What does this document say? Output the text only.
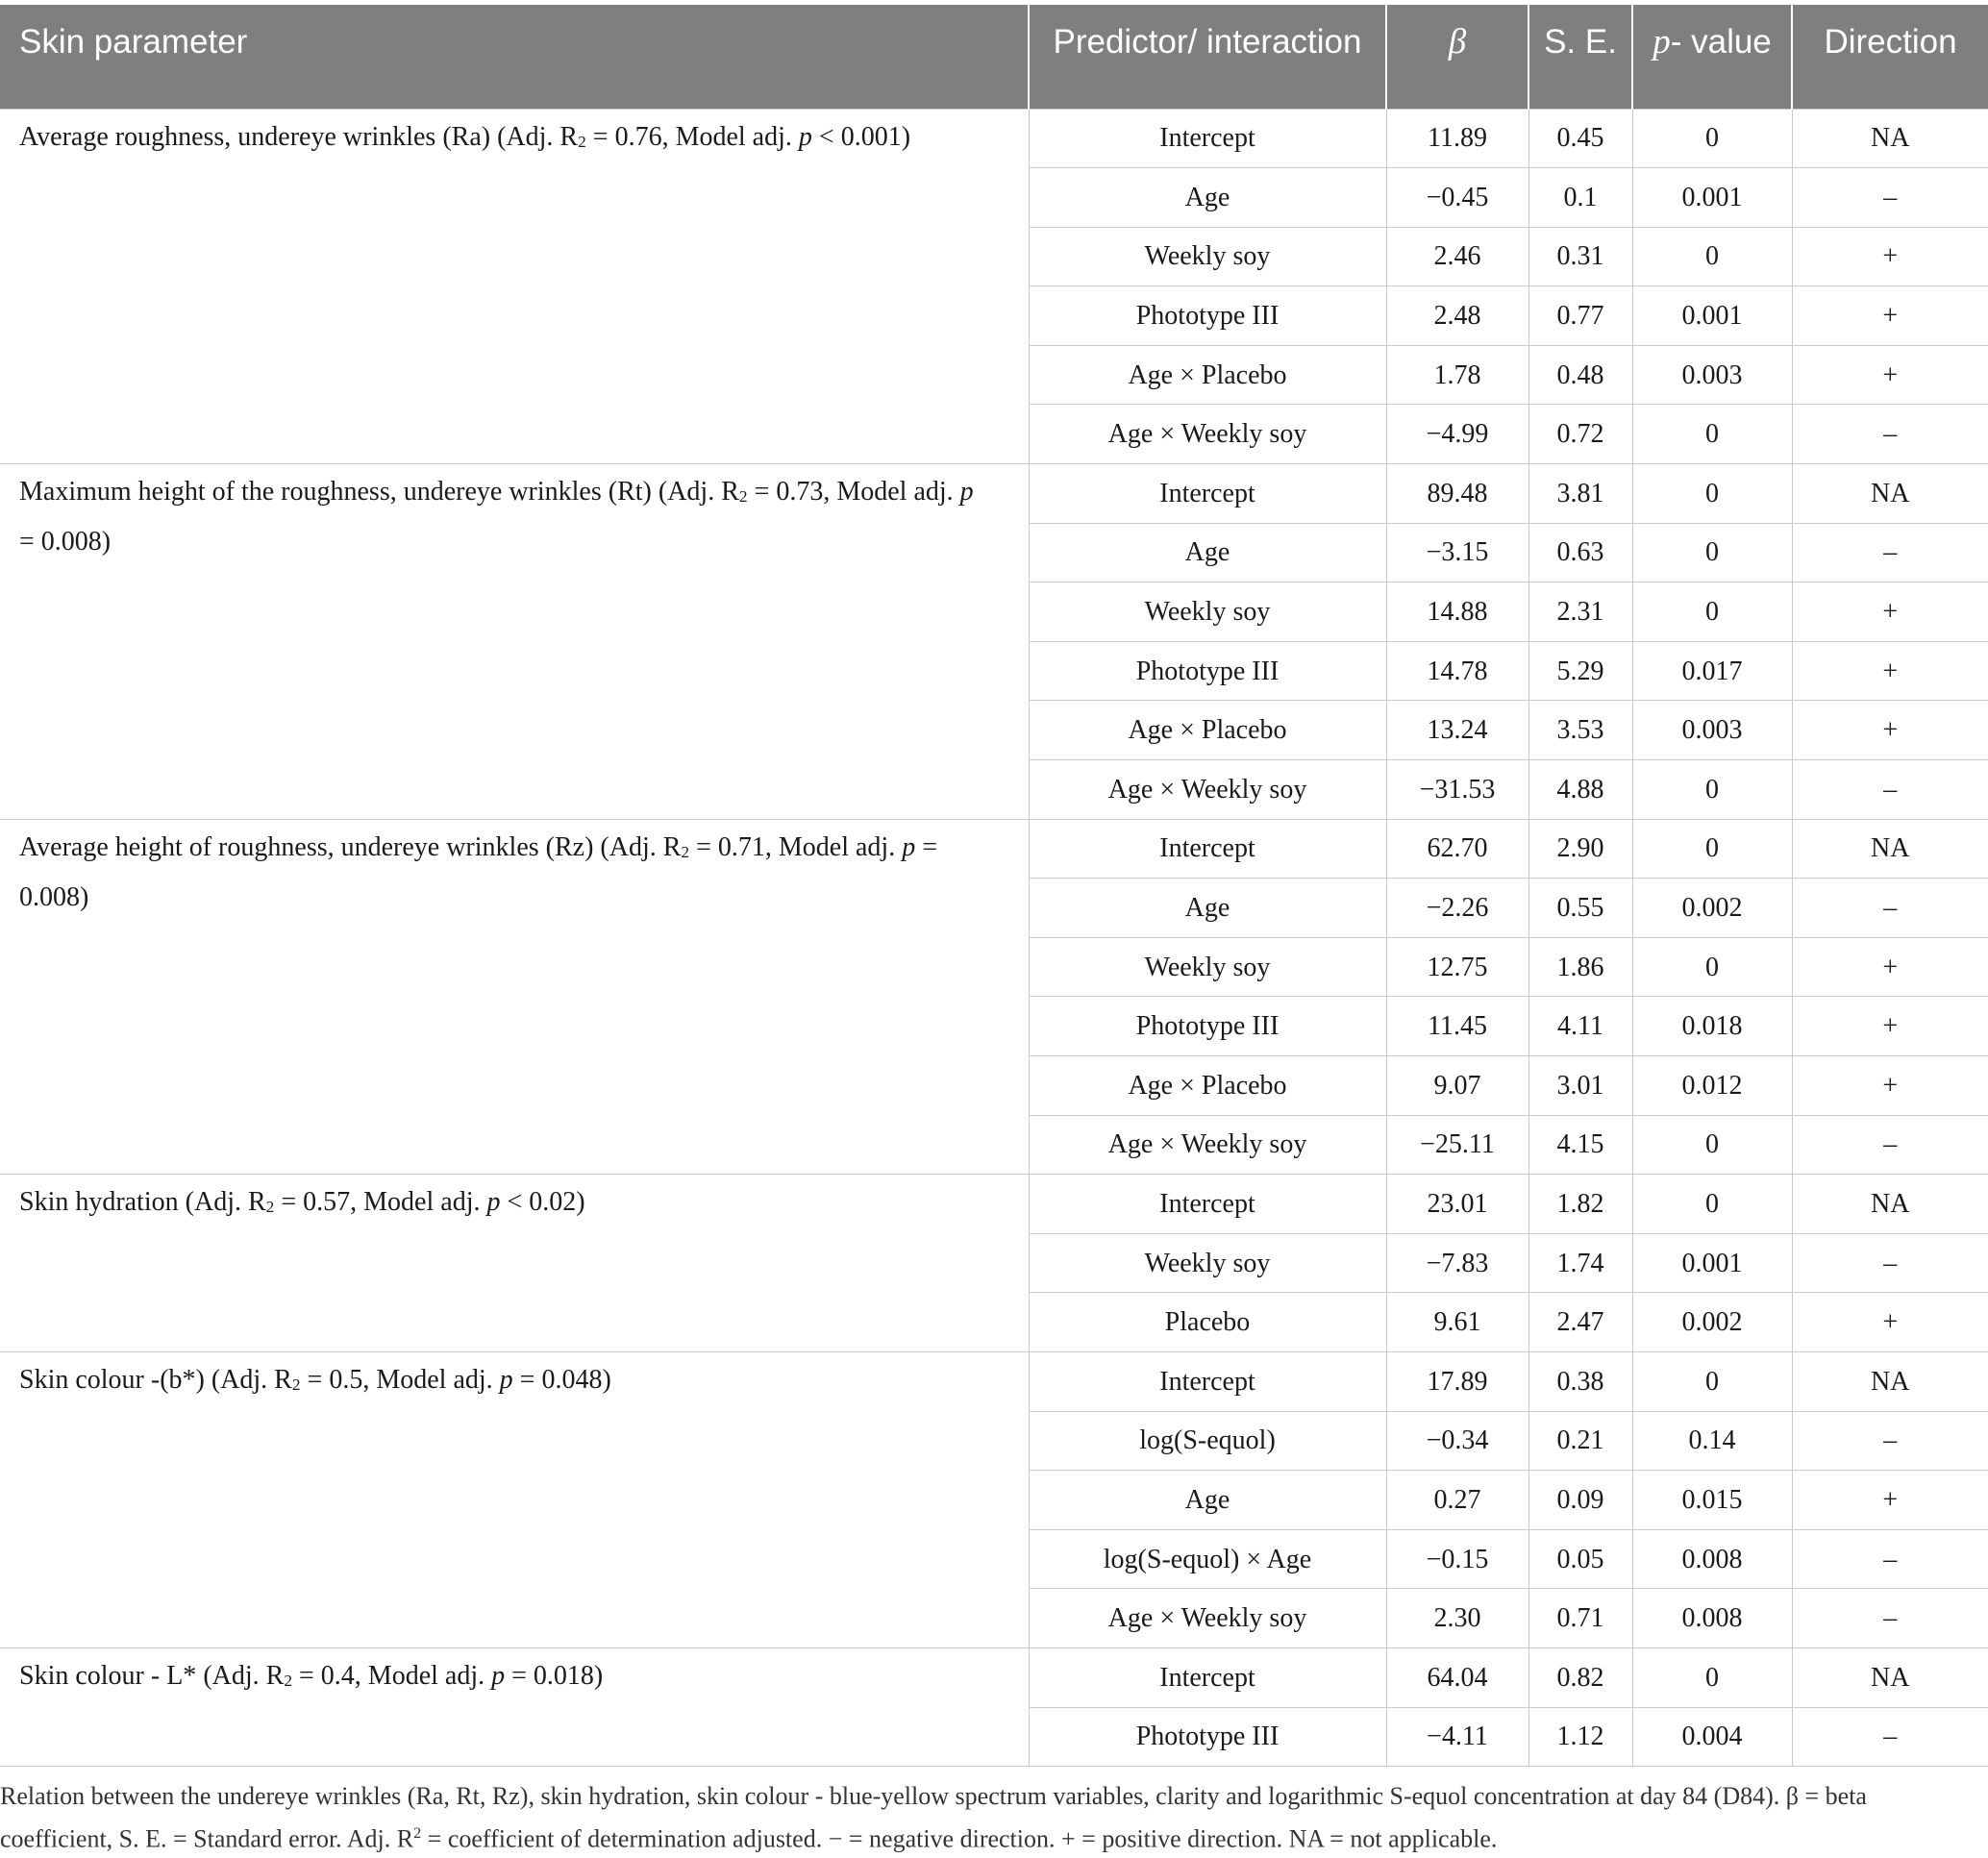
Skin parameter	Predictor/ interaction	β	S. E.	p- value	Direction
Average roughness, undereye wrinkles (Ra) (Adj. $R_2 = 0.76$, Model adj. p < 0.001)	Intercept	11.89	0.45	0	NA
	Age	−0.45	0.1	0.001	–
	Weekly soy	2.46	0.31	0	+
	Phototype III	2.48	0.77	0.001	+
	Age × Placebo	1.78	0.48	0.003	+
	Age × Weekly soy	−4.99	0.72	0	–
Maximum height of the roughness, undereye wrinkles (Rt) (Adj. $R_2 = 0.73$, Model adj. p = 0.008)	Intercept	89.48	3.81	0	NA
	Age	−3.15	0.63	0	–
	Weekly soy	14.88	2.31	0	+
	Phototype III	14.78	5.29	0.017	+
	Age × Placebo	13.24	3.53	0.003	+
	Age × Weekly soy	−31.53	4.88	0	–
Average height of roughness, undereye wrinkles (Rz) (Adj. $R_2 = 0.71$, Model adj. p = 0.008)	Intercept	62.70	2.90	0	NA
	Age	−2.26	0.55	0.002	–
	Weekly soy	12.75	1.86	0	+
	Phototype III	11.45	4.11	0.018	+
	Age × Placebo	9.07	3.01	0.012	+
	Age × Weekly soy	−25.11	4.15	0	–
Skin hydration (Adj. $R_2 = 0.57$, Model adj. p < 0.02)	Intercept	23.01	1.82	0	NA
	Weekly soy	−7.83	1.74	0.001	–
	Placebo	9.61	2.47	0.002	+
Skin colour -(b*) (Adj. $R_2 = 0.5$, Model adj. p = 0.048)	Intercept	17.89	0.38	0	NA
	log(S-equol)	−0.34	0.21	0.14	–
	Age	0.27	0.09	0.015	+
	log(S-equol) × Age	−0.15	0.05	0.008	–
	Age × Weekly soy	2.30	0.71	0.008	–
Skin colour - L* (Adj. $R_2 = 0.4$, Model adj. p = 0.018)	Intercept	64.04	0.82	0	NA
	Phototype III	−4.11	1.12	0.004	–
Relation between the undereye wrinkles (Ra, Rt, Rz), skin hydration, skin colour - blue-yellow spectrum variables, clarity and logarithmic S-equol concentration at day 84 (D84). β = beta coefficient, S. E. = Standard error. Adj. $R^2$ = coefficient of determination adjusted. − = negative direction. + = positive direction. NA = not applicable.
